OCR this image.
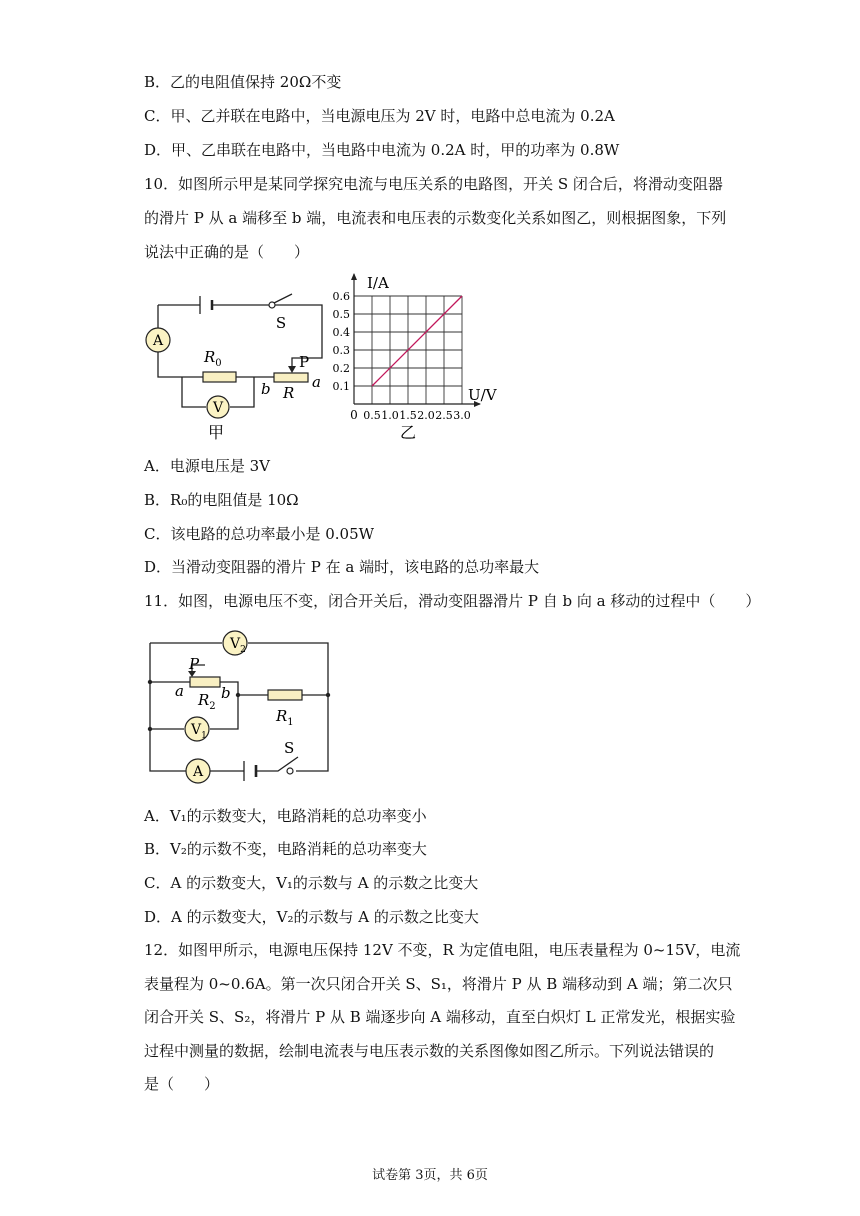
B．乙的电阻值保持 20Ω不变
C．甲、乙并联在电路中，当电源电压为 2V 时，电路中总电流为 0.2A
D．甲、乙串联在电路中，当电路中电流为 0.2A 时，甲的功率为 0.8W
10．如图所示甲是某同学探究电流与电压关系的电路图，开关 S 闭合后，将滑动变阻器
的滑片 P 从 a 端移至 b 端，电流表和电压表的示数变化关系如图乙，则根据图象，下列
说法中正确的是（　　）
A
V
S
$R_0$	P
b R
a
甲
0.5 1.0 1.5 2.0 2.5 3.0
0.1
0.2
0.3
0.4
0.5
0.6
I/A
U/V
0
乙
A．电源电压是 3V
B．R₀的电阻值是 10Ω
C．该电路的总功率最小是 0.05W
D．当滑动变阻器的滑片 P 在 a 端时，该电路的总功率最大
11．如图，电源电压不变，闭合开关后，滑动变阻器滑片 P 自 b 向 a 移动的过程中（　　）
$V_2$
$V_1$
A
P
a b
$R_2$
$R_1$
S
A．V₁的示数变大，电路消耗的总功率变小
B．V₂的示数不变，电路消耗的总功率变大
C．A 的示数变大，V₁的示数与 A 的示数之比变大
D．A 的示数变大，V₂的示数与 A 的示数之比变大
12．如图甲所示，电源电压保持 12V 不变，R 为定值电阻，电压表量程为 0~15V，电流
表量程为 0~0.6A。第一次只闭合开关 S、S₁，将滑片 P 从 B 端移动到 A 端；第二次只
闭合开关 S、S₂，将滑片 P 从 B 端逐步向 A 端移动，直至白炽灯 L 正常发光，根据实验
过程中测量的数据，绘制电流表与电压表示数的关系图像如图乙所示。下列说法错误的
是（　　）
试卷第 3页，共 6页
